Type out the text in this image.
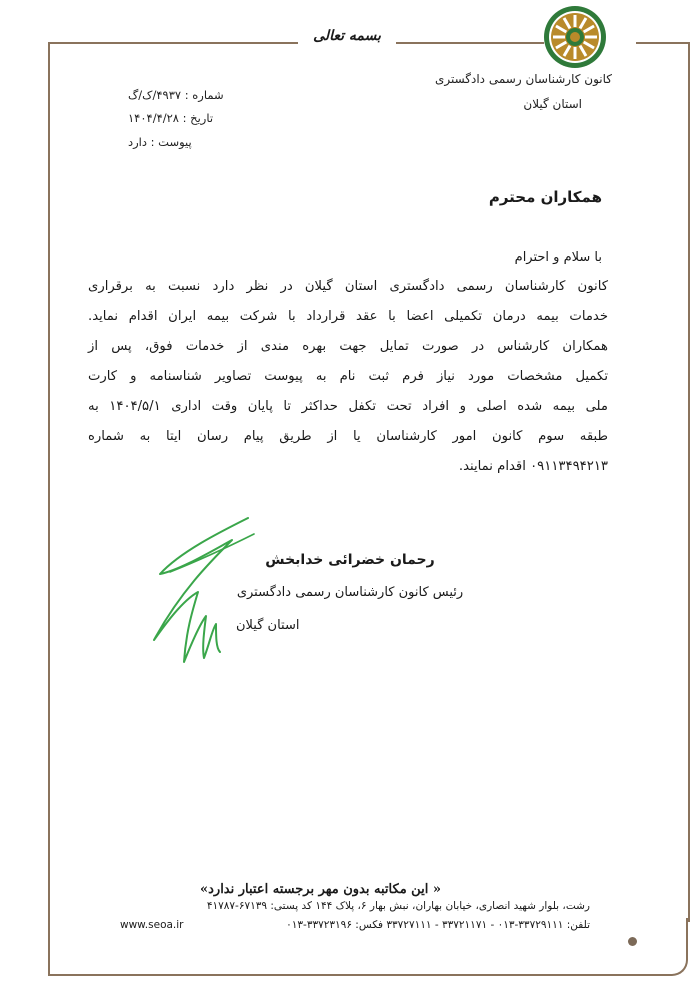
کانون کارشناسان رسمی دادگستری
استان گیلان
بسمه تعالی
شماره : ۴۹۳۷/ک/گ
تاریخ : ۱۴۰۴/۴/۲۸
پیوست : دارد
همکاران محترم
با سلام و احترام
کانون کارشناسان رسمی دادگستری استان گیلان در نظر دارد نسبت به برقراری
خدمات بیمه درمان تکمیلی اعضا با عقد قرارداد با شرکت بیمه ایران اقدام نماید.
همکاران کارشناس در صورت تمایل جهت بهره مندی از خدمات فوق، پس از
تکمیل مشخصات مورد نیاز فرم ثبت نام به پیوست تصاویر شناسنامه و کارت
ملی بیمه شده اصلی و افراد تحت تکفل حداکثر تا پایان وقت اداری ۱۴۰۴/۵/۱ به
طبقه سوم کانون امور کارشناسان یا از طریق پیام رسان ایتا به شماره
۰۹۱۱۳۴۹۴۲۱۳ اقدام نمایند.
رحمان خضرائی خدابخش
رئیس کانون کارشناسان رسمی دادگستری
استان گیلان
« این مکاتبه بدون مهر برجسته اعتبار ندارد»
رشت، بلوار شهید انصاری، خیابان بهاران، نبش بهار ۶، پلاک ۱۴۴ کد پستی: ۶۷۱۳۹-۴۱۷۸۷
تلفن: ۳۳۷۲۹۱۱۱-۰۱۳ - ۳۳۷۲۱۱۷۱ - ۳۳۷۲۷۱۱۱ فکس: ۳۳۷۲۳۱۹۶-۰۱۳
www.seoa.ir
